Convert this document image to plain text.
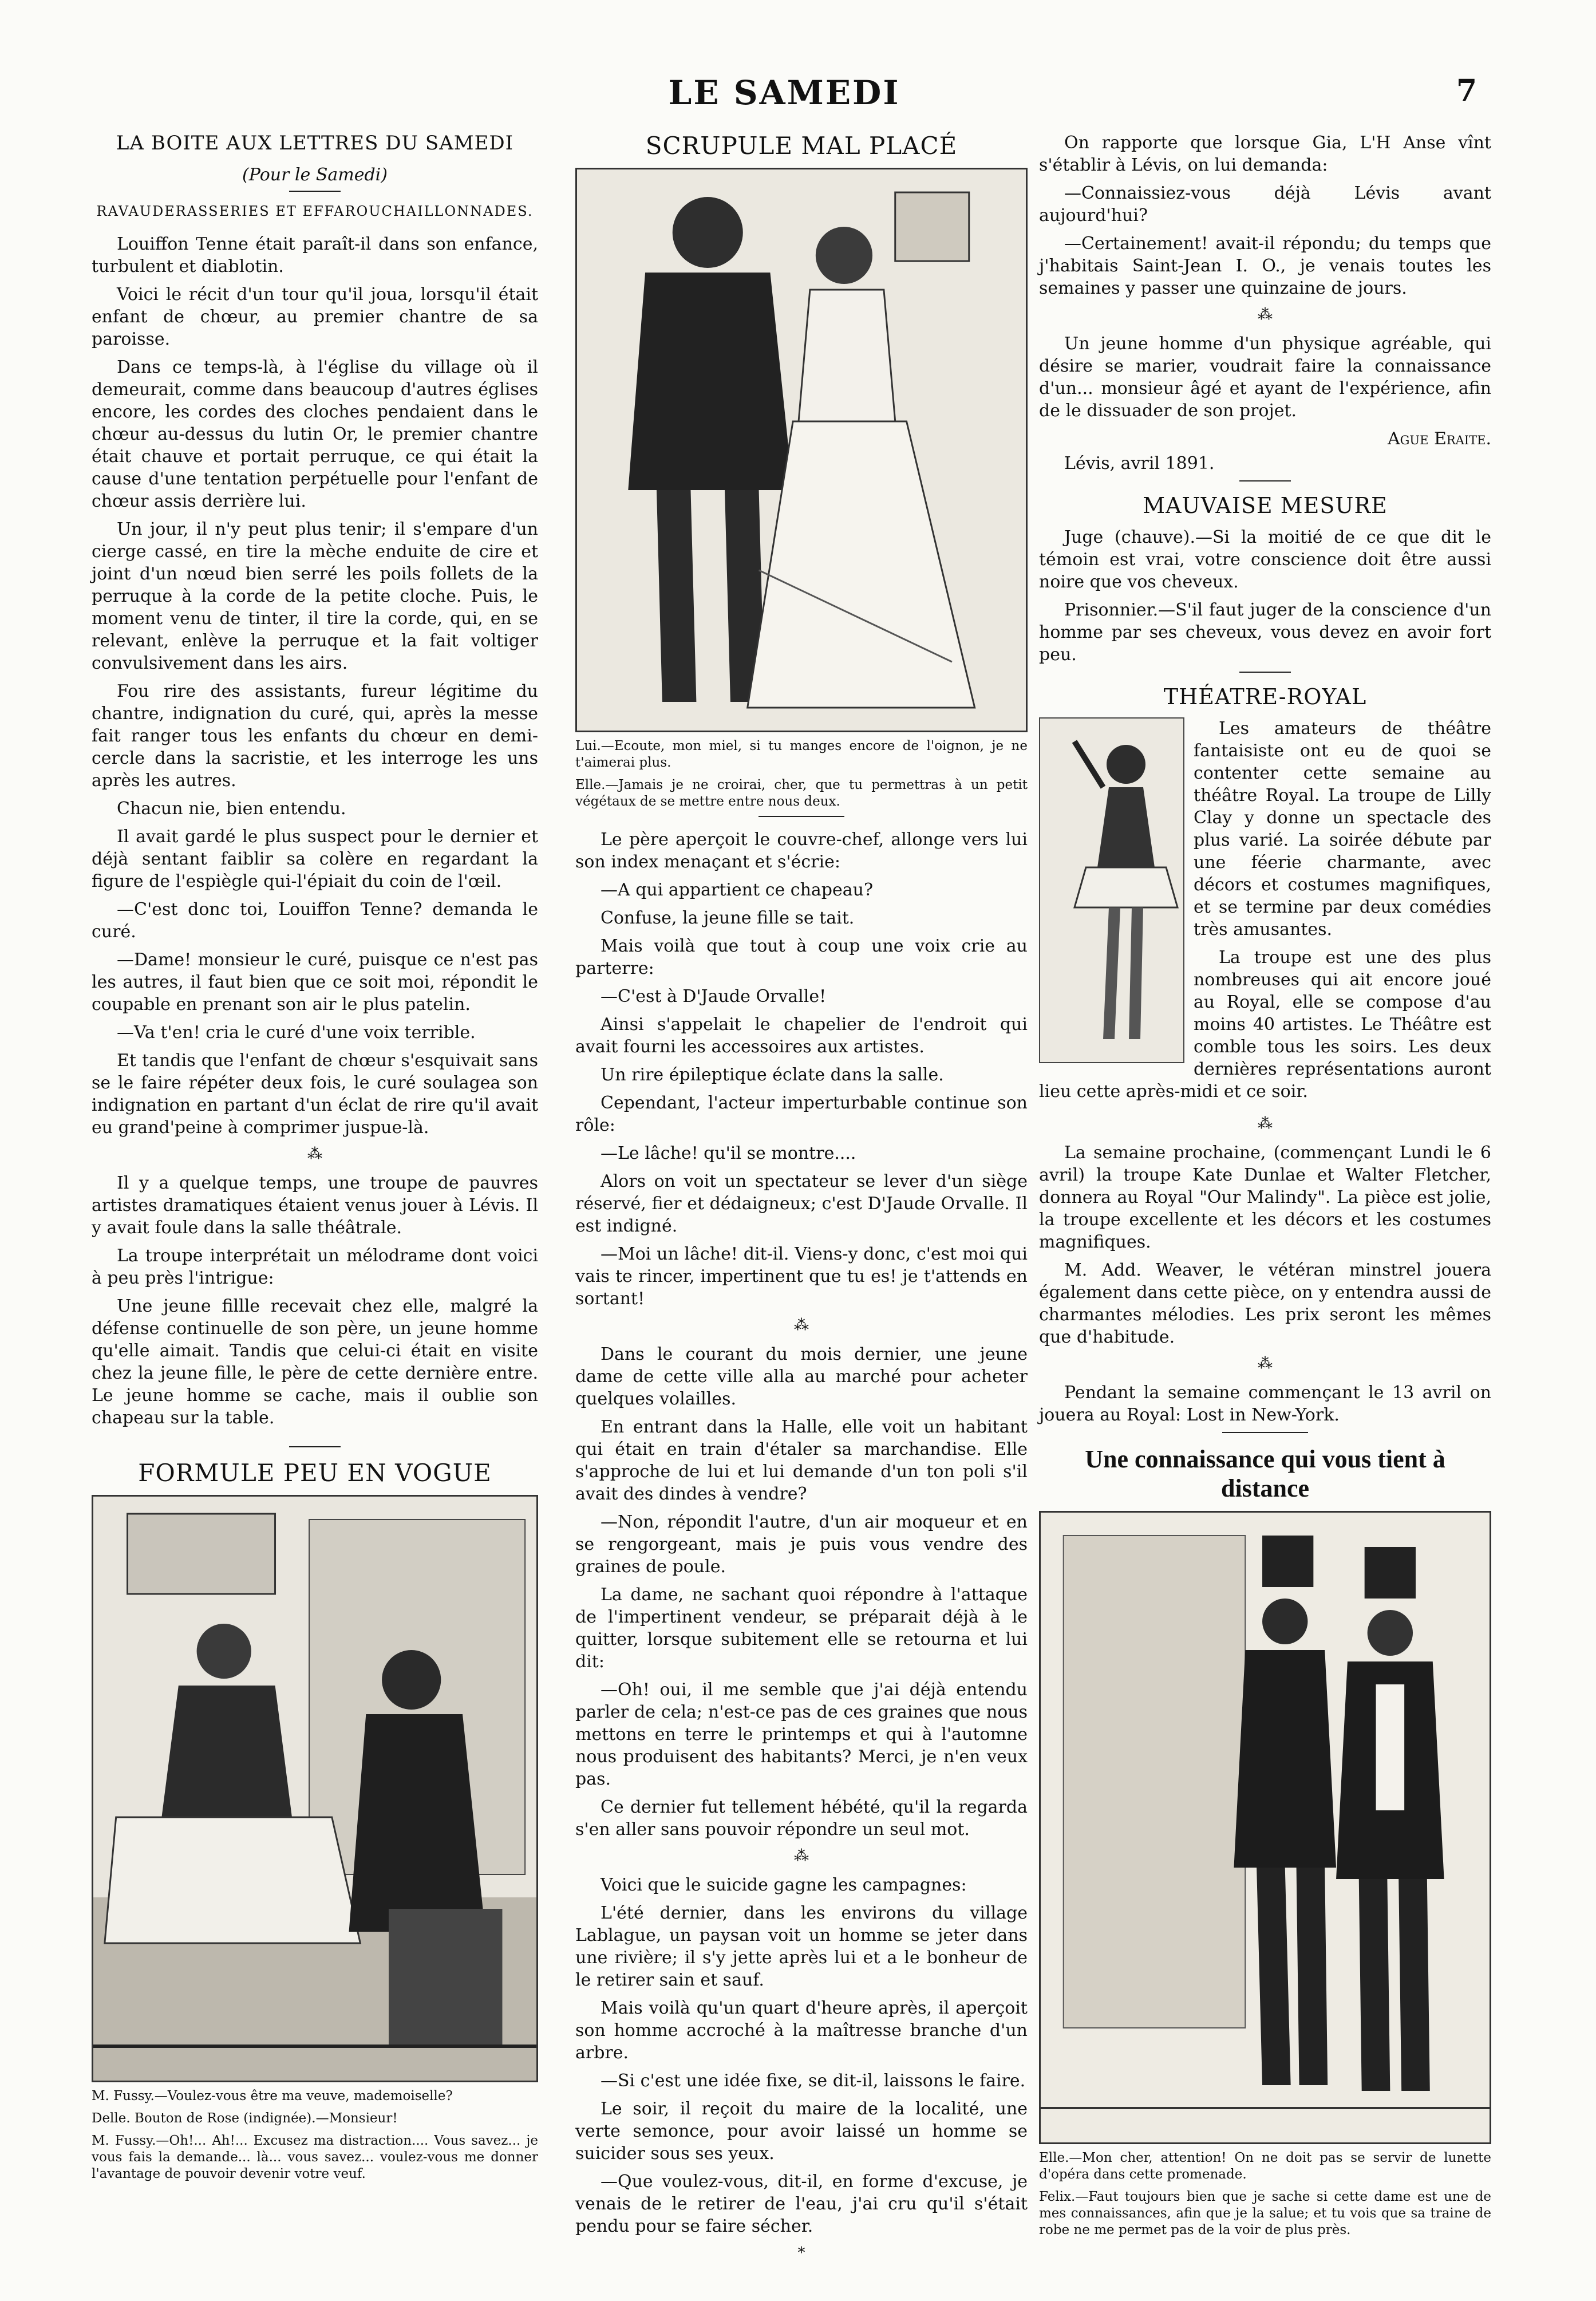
LE SAMEDI	7
LA BOITE AUX LETTRES DU SAMEDI
(Pour le Samedi)
RAVAUDERASSERIES ET EFFAROUCHAILLONNADES.

Louiffon Tenne était paraît-il dans son enfance, turbulent et diablotin.

Voici le récit d'un tour qu'il joua, lorsqu'il était enfant de chœur, au premier chantre de sa paroisse.

Dans ce temps-là, à l'église du village où il demeurait, comme dans beaucoup d'autres églises encore, les cordes des cloches pendaient dans le chœur au-dessus du lutin Or, le premier chantre était chauve et portait perruque, ce qui était la cause d'une tentation perpétuelle pour l'enfant de chœur assis derrière lui.

Un jour, il n'y peut plus tenir; il s'empare d'un cierge cassé, en tire la mèche enduite de cire et joint d'un nœud bien serré les poils follets de la perruque à la corde de la petite cloche. Puis, le moment venu de tinter, il tire la corde, qui, en se relevant, enlève la perruque et la fait voltiger convulsivement dans les airs.

Fou rire des assistants, fureur légitime du chantre, indignation du curé, qui, après la messe fait ranger tous les enfants du chœur en demi-cercle dans la sacristie, et les interroge les uns après les autres.

Chacun nie, bien entendu.

Il avait gardé le plus suspect pour le dernier et déjà sentant faiblir sa colère en regardant la figure de l'espiègle qui-l'épiait du coin de l'œil.

—C'est donc toi, Louiffon Tenne? demanda le curé.

—Dame! monsieur le curé, puisque ce n'est pas les autres, il faut bien que ce soit moi, répondit le coupable en prenant son air le plus patelin.

—Va t'en! cria le curé d'une voix terrible.

Et tandis que l'enfant de chœur s'esquivait sans se le faire répéter deux fois, le curé soulagea son indignation en partant d'un éclat de rire qu'il avait eu grand'peine à comprimer juspue-là.

⁂

Il y a quelque temps, une troupe de pauvres artistes dramatiques étaient venus jouer à Lévis. Il y avait foule dans la salle théâtrale.

La troupe interprétait un mélodrame dont voici à peu près l'intrigue:

Une jeune fillle recevait chez elle, malgré la défense continuelle de son père, un jeune homme qu'elle aimait. Tandis que celui-ci était en visite chez la jeune fille, le père de cette dernière entre. Le jeune homme se cache, mais il oublie son chapeau sur la table.

FORMULE PEU EN VOGUE
M. Fussy.—Voulez-vous être ma veuve, mademoiselle?
Delle. Bouton de Rose (indignée).—Monsieur!
M. Fussy.—Oh!... Ah!... Excusez ma distraction.... Vous savez... je vous fais la demande... là... vous savez... voulez-vous me donner l'avantage de pouvoir devenir votre veuf.
SCRUPULE MAL PLACÉ
Lui.—Ecoute, mon miel, si tu manges encore de l'oignon, je ne t'aimerai plus.
Elle.—Jamais je ne croirai, cher, que tu permettras à un petit végétaux de se mettre entre nous deux.

Le père aperçoit le couvre-chef, allonge vers lui son index menaçant et s'écrie:

—A qui appartient ce chapeau?

Confuse, la jeune fille se tait.

Mais voilà que tout à coup une voix crie au parterre:

—C'est à D'Jaude Orvalle!

Ainsi s'appelait le chapelier de l'endroit qui avait fourni les accessoires aux artistes.

Un rire épileptique éclate dans la salle.

Cependant, l'acteur imperturbable continue son rôle:

—Le lâche! qu'il se montre....

Alors on voit un spectateur se lever d'un siège réservé, fier et dédaigneux; c'est D'Jaude Orvalle. Il est indigné.

—Moi un lâche! dit-il. Viens-y donc, c'est moi qui vais te rincer, impertinent que tu es! je t'attends en sortant!

⁂

Dans le courant du mois dernier, une jeune dame de cette ville alla au marché pour acheter quelques volailles.

En entrant dans la Halle, elle voit un habitant qui était en train d'étaler sa marchandise. Elle s'approche de lui et lui demande d'un ton poli s'il avait des dindes à vendre?

—Non, répondit l'autre, d'un air moqueur et en se rengorgeant, mais je puis vous vendre des graines de poule.

La dame, ne sachant quoi répondre à l'attaque de l'impertinent vendeur, se préparait déjà à le quitter, lorsque subitement elle se retourna et lui dit:

—Oh! oui, il me semble que j'ai déjà entendu parler de cela; n'est-ce pas de ces graines que nous mettons en terre le printemps et qui à l'automne nous produisent des habitants? Merci, je n'en veux pas.

Ce dernier fut tellement hébété, qu'il la regarda s'en aller sans pouvoir répondre un seul mot.

⁂

Voici que le suicide gagne les campagnes:

L'été dernier, dans les environs du village Lablague, un paysan voit un homme se jeter dans une rivière; il s'y jette après lui et a le bonheur de le retirer sain et sauf.

Mais voilà qu'un quart d'heure après, il aperçoit son homme accroché à la maîtresse branche d'un arbre.

—Si c'est une idée fixe, se dit-il, laissons le faire.

Le soir, il reçoit du maire de la localité, une verte semonce, pour avoir laissé un homme se suicider sous ses yeux.

—Que voulez-vous, dit-il, en forme d'excuse, je venais de le retirer de l'eau, j'ai cru qu'il s'était pendu pour se faire sécher.

*

On rapporte que lorsque Gia, L'H Anse vînt s'établir à Lévis, on lui demanda:

—Connaissiez-vous déjà Lévis avant aujourd'hui?

—Certainement! avait-il répondu; du temps que j'habitais Saint-Jean I. O., je venais toutes les semaines y passer une quinzaine de jours.

⁂

Un jeune homme d'un physique agréable, qui désire se marier, voudrait faire la connaissance d'un... monsieur âgé et ayant de l'expérience, afin de le dissuader de son projet.

Ague Eraite.

Lévis, avril 1891.

MAUVAISE MESURE

Juge (chauve).—Si la moitié de ce que dit le témoin est vrai, votre conscience doit être aussi noire que vos cheveux.

Prisonnier.—S'il faut juger de la conscience d'un homme par ses cheveux, vous devez en avoir fort peu.

THÉATRE-ROYAL

Les amateurs de théâtre fantaisiste ont eu de quoi se contenter cette semaine au théâtre Royal. La troupe de Lilly Clay y donne un spectacle des plus varié. La soirée débute par une féerie charmante, avec décors et costumes magnifiques, et se termine par deux comédies très amusantes.

La troupe est une des plus nombreuses qui ait encore joué au Royal, elle se compose d'au moins 40 artistes. Le Théâtre est comble tous les soirs. Les deux dernières représentations auront lieu cette après-midi et ce soir.

⁂

La semaine prochaine, (commençant Lundi le 6 avril) la troupe Kate Dunlae et Walter Fletcher, donnera au Royal "Our Malindy". La pièce est jolie, la troupe excellente et les décors et les costumes magnifiques.

M. Add. Weaver, le vétéran minstrel jouera également dans cette pièce, on y entendra aussi de charmantes mélodies. Les prix seront les mêmes que d'habitude.

⁂

Pendant la semaine commençant le 13 avril on jouera au Royal: Lost in New-York.

Une connaissance qui vous tient à distance
Elle.—Mon cher, attention! On ne doit pas se servir de lunette d'opéra dans cette promenade.
Felix.—Faut toujours bien que je sache si cette dame est une de mes connaissances, afin que je la salue; et tu vois que sa traine de robe ne me permet pas de la voir de plus près.
